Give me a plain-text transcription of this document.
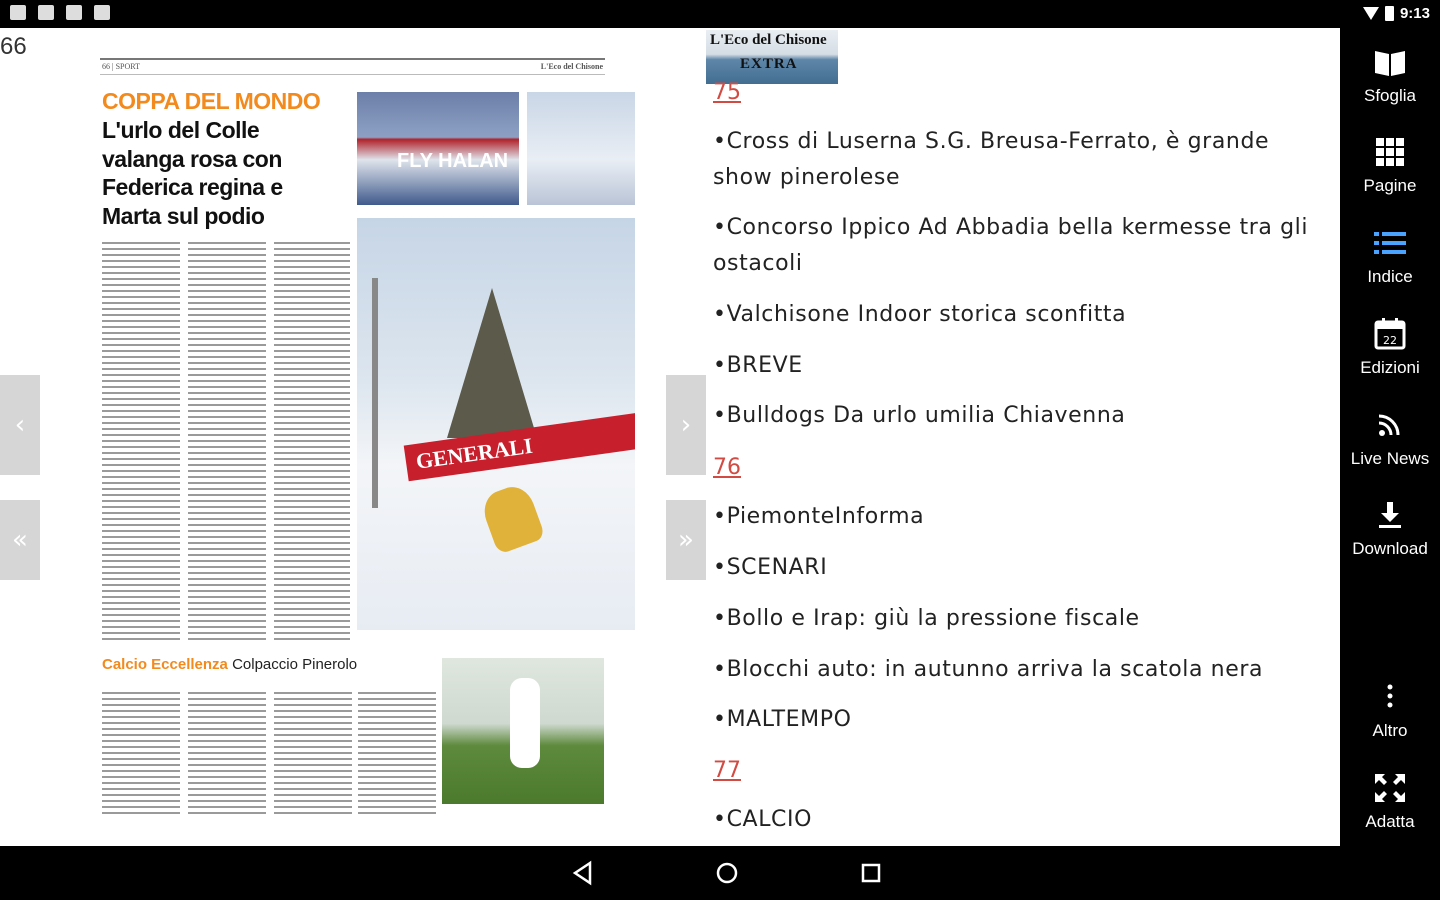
9:13
66
66 | SPORT	L'Eco del Chisone
COPPA DEL MONDO
L'urlo del Colle valanga rosa con Federica regina e Marta sul podio
FLY HALAN
GENERALI
Calcio Eccellenza Colpaccio Pinerolo
‹
«
›
»
L'Eco del Chisone
EXTRA
75
•Cross di Luserna S.G. Breusa-Ferrato, è grande show pinerolese
•Concorso Ippico Ad Abbadia bella kermesse tra gli ostacoli
•Valchisone Indoor storica sconfitta
•BREVE
•Bulldogs Da urlo umilia Chiavenna
76
•PiemonteInforma
•SCENARI
•Bollo e Irap: giù la pressione fiscale
•Blocchi auto: in autunno arriva la scatola nera
•MALTEMPO
77
•CALCIO
Sfoglia
Pagine
Indice
22
Edizioni
Live News
Download
Altro
Adatta
